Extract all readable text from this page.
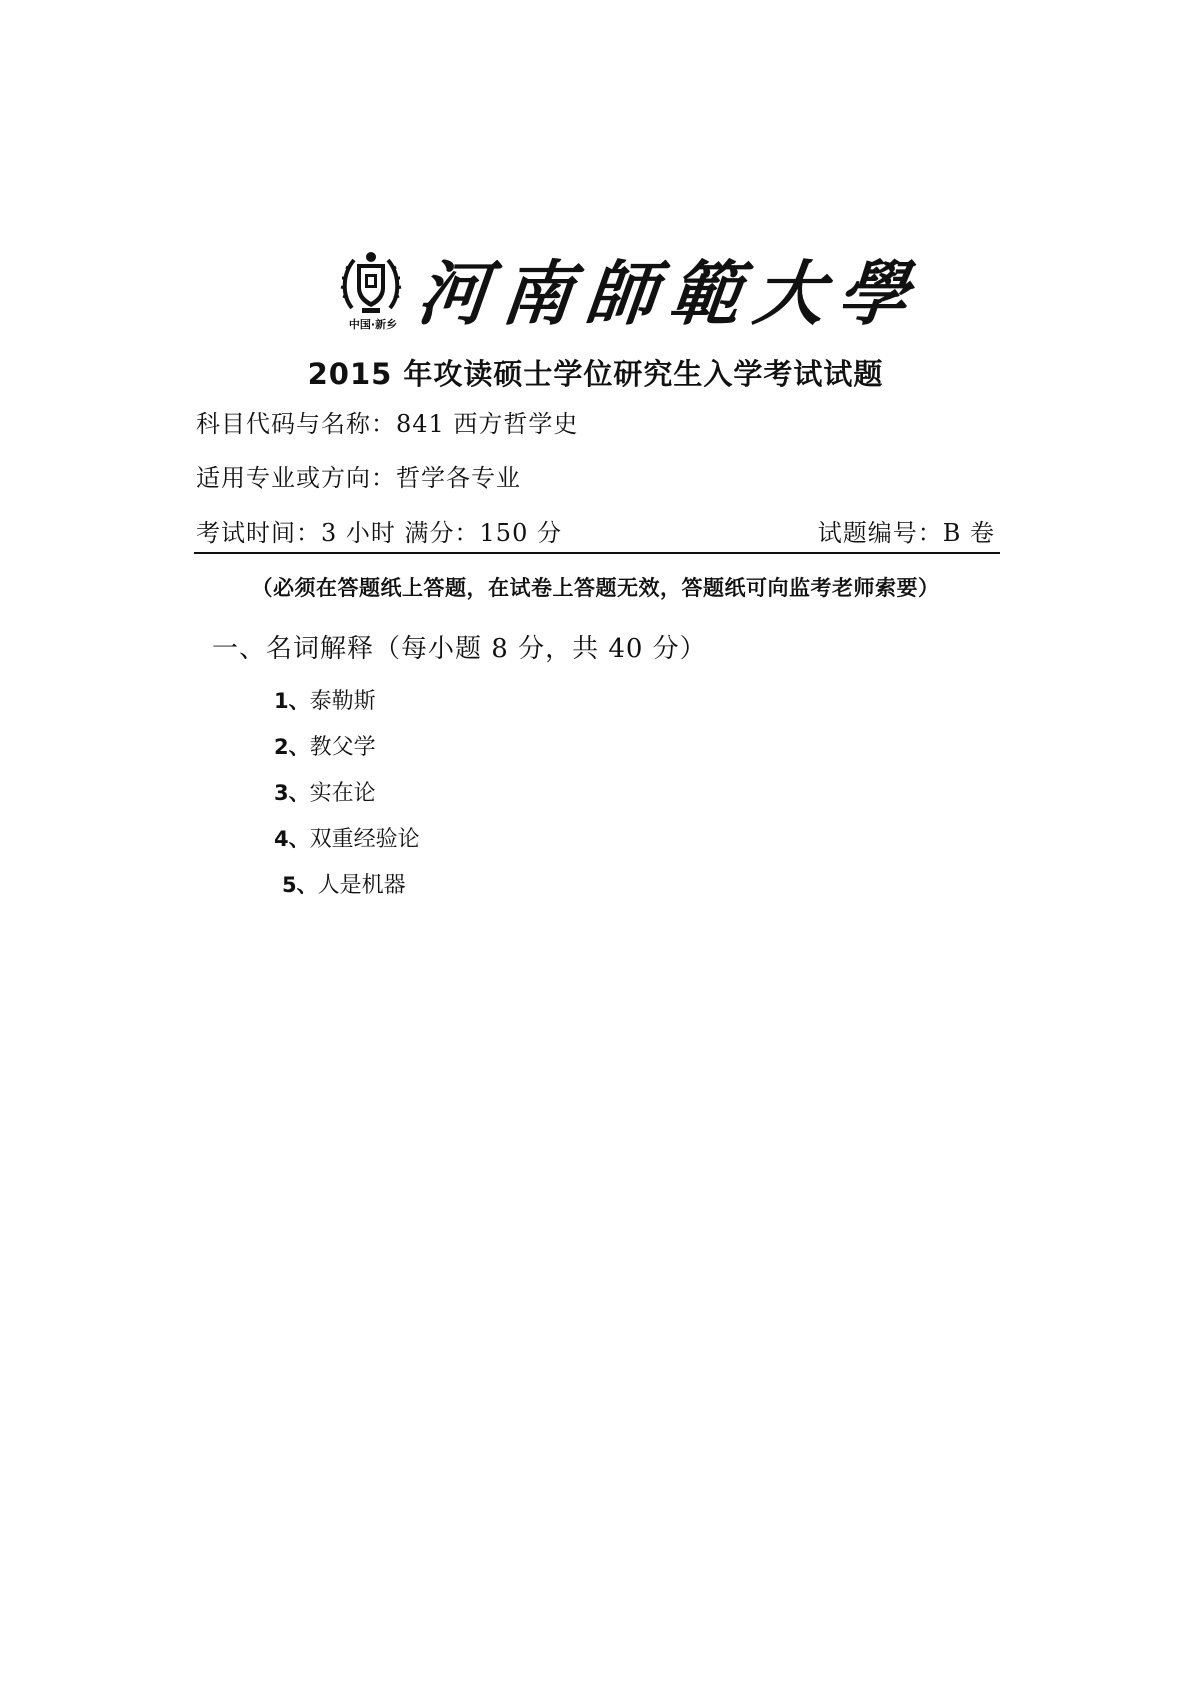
中国·新乡 河南師範大學
2015 年攻读硕士学位研究生入学考试试题
科目代码与名称：841 西方哲学史
适用专业或方向：哲学各专业
考试时间：3 小时 满分：150 分	试题编号：B 卷
（必须在答题纸上答题，在试卷上答题无效，答题纸可向监考老师索要）
一、名词解释（每小题 8 分，共 40 分）
1、泰勒斯
2、教父学
3、实在论
4、双重经验论
5、人是机器
